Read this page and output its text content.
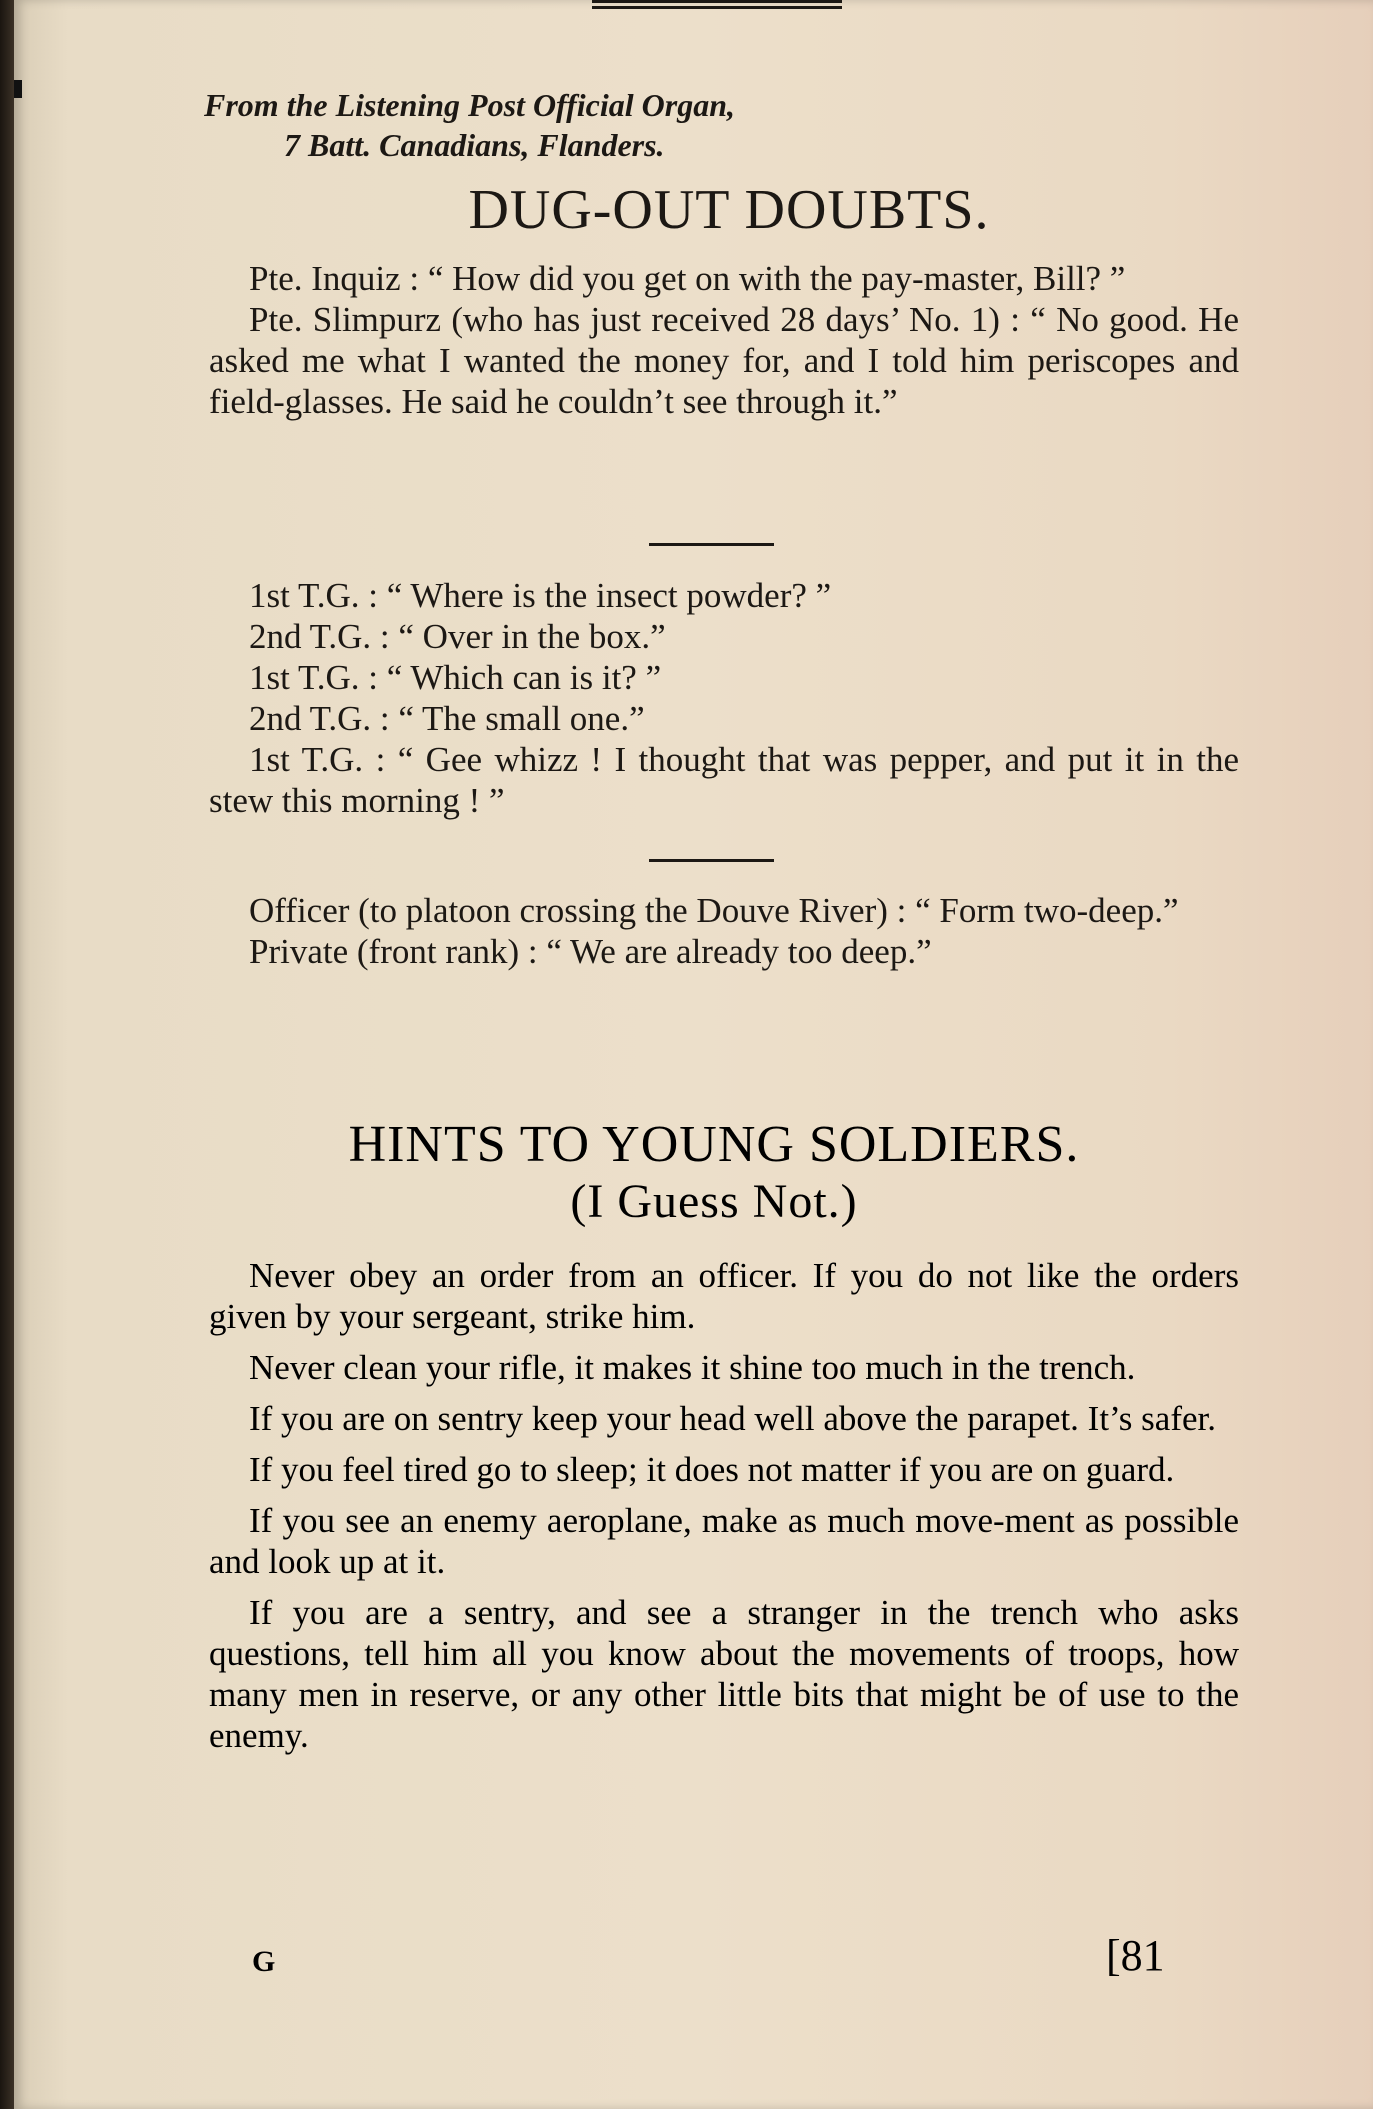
From the Listening Post Official Organ,
7 Batt. Canadians, Flanders.
DUG-OUT DOUBTS.

Pte. Inquiz : “ How did you get on with the pay-master, Bill? ”

Pte. Slimpurz (who has just received 28 days’ No. 1) : “ No good. He asked me what I wanted the money for, and I told him periscopes and field-glasses. He said he couldn’t see through it.”

1st T.G. : “ Where is the insect powder? ”

2nd T.G. : “ Over in the box.”

1st T.G. : “ Which can is it? ”

2nd T.G. : “ The small one.”

1st T.G. : “ Gee whizz ! I thought that was pepper, and put it in the stew this morning ! ”

Officer (to platoon crossing the Douve River) : “ Form two-deep.”

Private (front rank) : “ We are already too deep.”

HINTS TO YOUNG SOLDIERS.
(I Guess Not.)

Never obey an order from an officer. If you do not like the orders given by your sergeant, strike him.

Never clean your rifle, it makes it shine too much in the trench.

If you are on sentry keep your head well above the parapet. It’s safer.

If you feel tired go to sleep; it does not matter if you are on guard.

If you see an enemy aeroplane, make as much move-ment as possible and look up at it.

If you are a sentry, and see a stranger in the trench who asks questions, tell him all you know about the movements of troops, how many men in reserve, or any other little bits that might be of use to the enemy.

G	[81
